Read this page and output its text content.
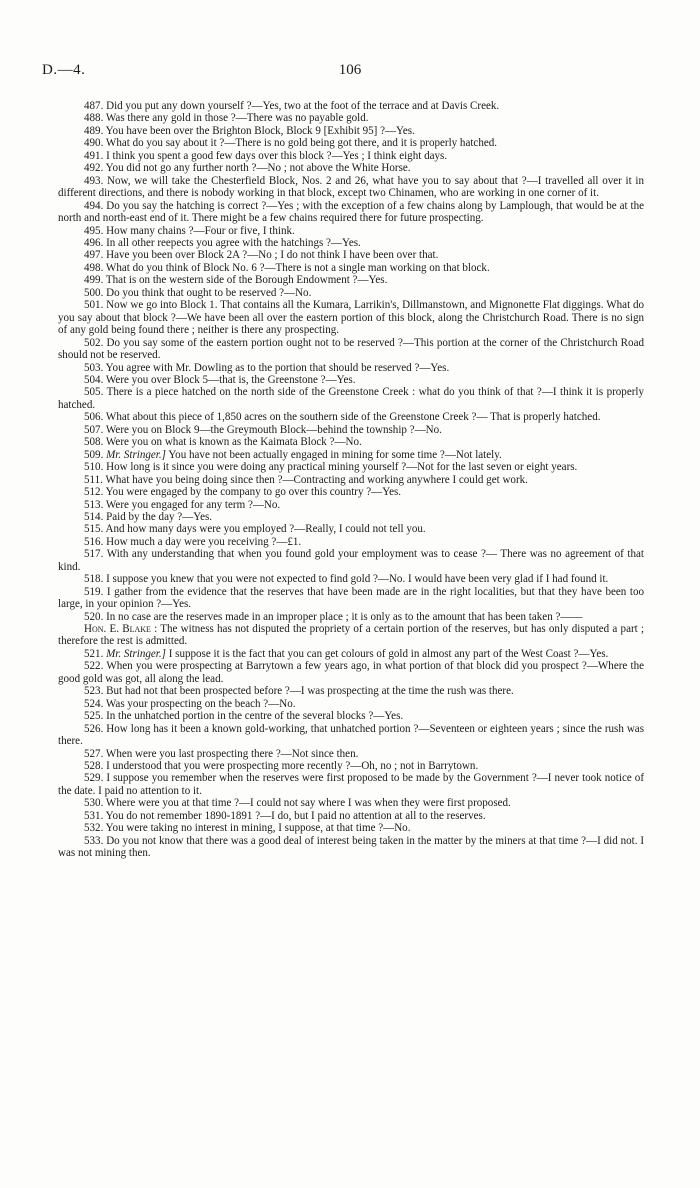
D.—4.	106

487. Did you put any down yourself ?—Yes, two at the foot of the terrace and at Davis Creek.

488. Was there any gold in those ?—There was no payable gold.

489. You have been over the Brighton Block, Block 9 [Exhibit 95] ?—Yes.

490. What do you say about it ?—There is no gold being got there, and it is properly hatched.

491. I think you spent a good few days over this block ?—Yes ; I think eight days.

492. You did not go any further north ?—No ; not above the White Horse.

493. Now, we will take the Chesterfield Block, Nos. 2 and 26, what have you to say about that ?—I travelled all over it in different directions, and there is nobody working in that block, except two Chinamen, who are working in one corner of it.

494. Do you say the hatching is correct ?—Yes ; with the exception of a few chains along by Lamplough, that would be at the north and north-east end of it. There might be a few chains required there for future prospecting.

495. How many chains ?—Four or five, I think.

496. In all other reepects you agree with the hatchings ?—Yes.

497. Have you been over Block 2A ?—No ; I do not think I have been over that.

498. What do you think of Block No. 6 ?—There is not a single man working on that block.

499. That is on the western side of the Borough Endowment ?—Yes.

500. Do you think that ought to be reserved ?—No.

501. Now we go into Block 1. That contains all the Kumara, Larrikin's, Dillmanstown, and Mignonette Flat diggings. What do you say about that block ?—We have been all over the eastern portion of this block, along the Christchurch Road. There is no sign of any gold being found there ; neither is there any prospecting.

502. Do you say some of the eastern portion ought not to be reserved ?—This portion at the corner of the Christchurch Road should not be reserved.

503. You agree with Mr. Dowling as to the portion that should be reserved ?—Yes.

504. Were you over Block 5—that is, the Greenstone ?—Yes.

505. There is a piece hatched on the north side of the Greenstone Creek : what do you think of that ?—I think it is properly hatched.

506. What about this piece of 1,850 acres on the southern side of the Greenstone Creek ?— That is properly hatched.

507. Were you on Block 9—the Greymouth Block—behind the township ?—No.

508. Were you on what is known as the Kaimata Block ?—No.

509. Mr. Stringer.] You have not been actually engaged in mining for some time ?—Not lately.

510. How long is it since you were doing any practical mining yourself ?—Not for the last seven or eight years.

511. What have you being doing since then ?—Contracting and working anywhere I could get work.

512. You were engaged by the company to go over this country ?—Yes.

513. Were you engaged for any term ?—No.

514. Paid by the day ?—Yes.

515. And how many days were you employed ?—Really, I could not tell you.

516. How much a day were you receiving ?—£1.

517. With any understanding that when you found gold your employment was to cease ?— There was no agreement of that kind.

518. I suppose you knew that you were not expected to find gold ?—No. I would have been very glad if I had found it.

519. I gather from the evidence that the reserves that have been made are in the right localities, but that they have been too large, in your opinion ?—Yes.

520. In no case are the reserves made in an improper place ; it is only as to the amount that has been taken ?——

Hon. E. Blake : The witness has not disputed the propriety of a certain portion of the reserves, but has only disputed a part ; therefore the rest is admitted.

521. Mr. Stringer.] I suppose it is the fact that you can get colours of gold in almost any part of the West Coast ?—Yes.

522. When you were prospecting at Barrytown a few years ago, in what portion of that block did you prospect ?—Where the good gold was got, all along the lead.

523. But had not that been prospected before ?—I was prospecting at the time the rush was there.

524. Was your prospecting on the beach ?—No.

525. In the unhatched portion in the centre of the several blocks ?—Yes.

526. How long has it been a known gold-working, that unhatched portion ?—Seventeen or eighteen years ; since the rush was there.

527. When were you last prospecting there ?—Not since then.

528. I understood that you were prospecting more recently ?—Oh, no ; not in Barrytown.

529. I suppose you remember when the reserves were first proposed to be made by the Government ?—I never took notice of the date. I paid no attention to it.

530. Where were you at that time ?—I could not say where I was when they were first proposed.

531. You do not remember 1890-1891 ?—I do, but I paid no attention at all to the reserves.

532. You were taking no interest in mining, I suppose, at that time ?—No.

533. Do you not know that there was a good deal of interest being taken in the matter by the miners at that time ?—I did not. I was not mining then.
